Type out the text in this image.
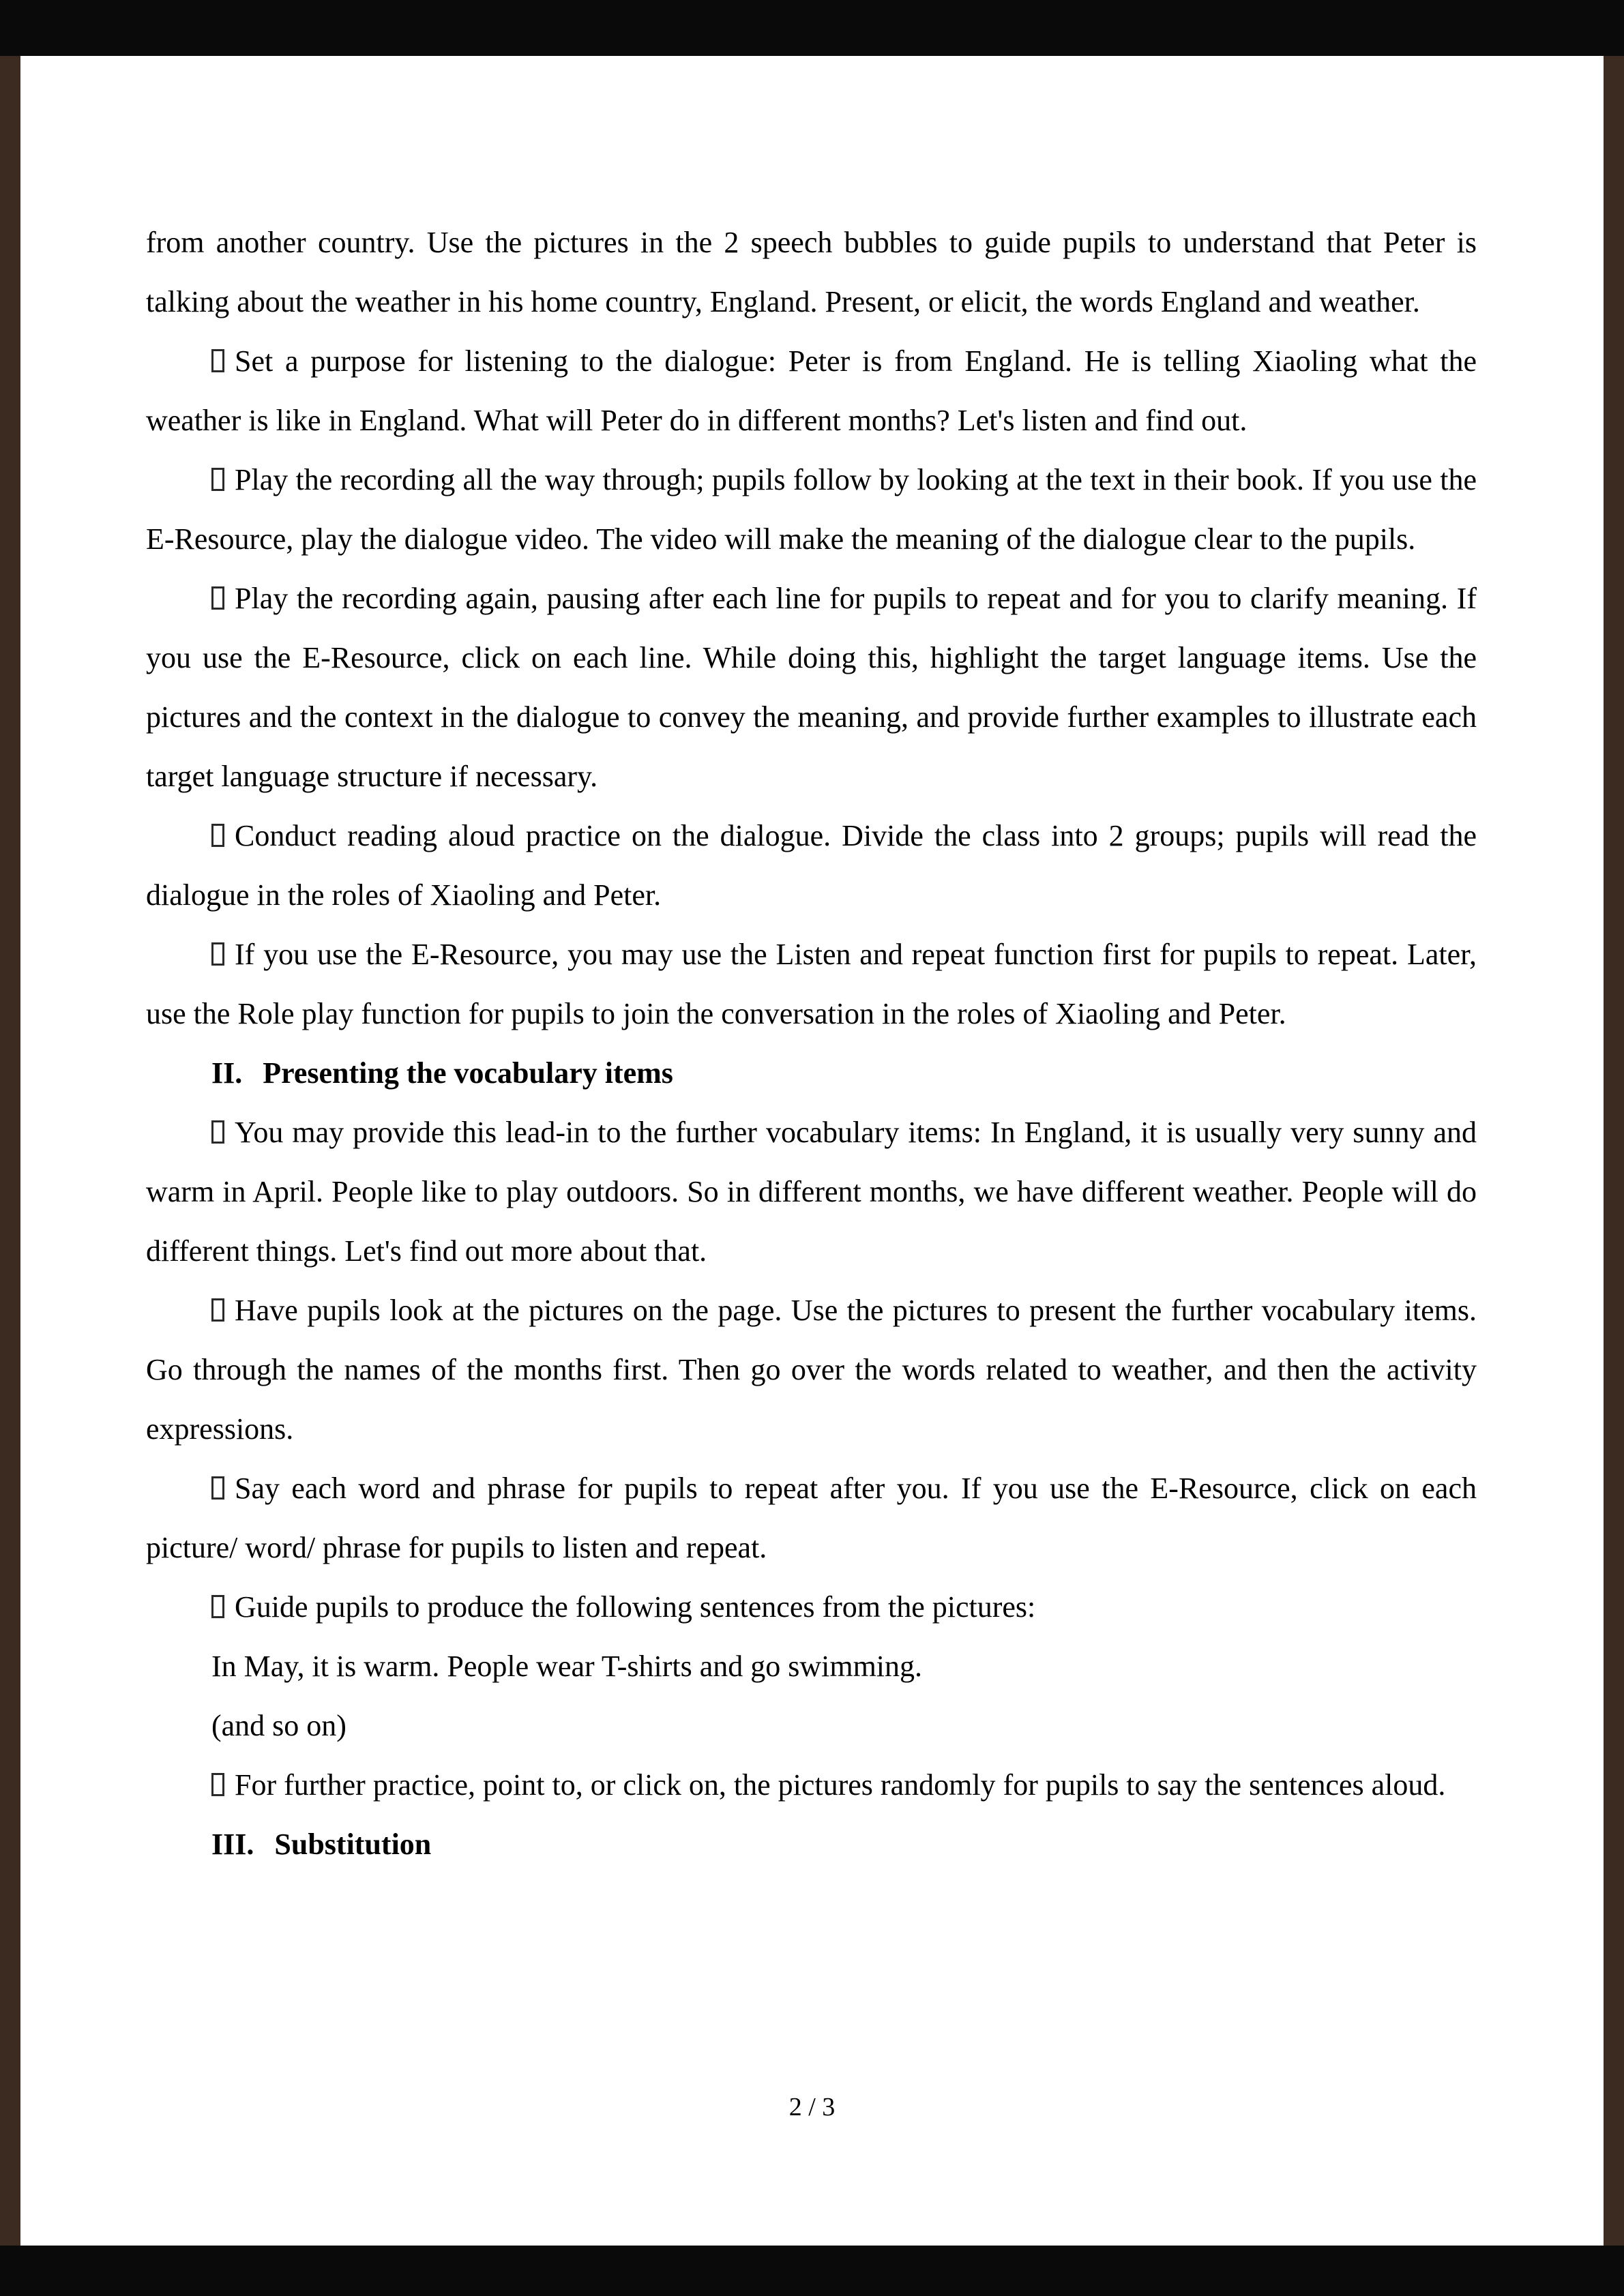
from another country. Use the pictures in the 2 speech bubbles to guide pupils to understand that Peter is talking about the weather in his home country, England. Present, or elicit, the words England and weather.

Set a purpose for listening to the dialogue: Peter is from England. He is telling Xiaoling what the weather is like in England. What will Peter do in different months? Let's listen and find out.

Play the recording all the way through; pupils follow by looking at the text in their book. If you use the E-Resource, play the dialogue video. The video will make the meaning of the dialogue clear to the pupils.

Play the recording again, pausing after each line for pupils to repeat and for you to clarify meaning. If you use the E-Resource, click on each line. While doing this, highlight the target language items. Use the pictures and the context in the dialogue to convey the meaning, and provide further examples to illustrate each target language structure if necessary.

Conduct reading aloud practice on the dialogue. Divide the class into 2 groups; pupils will read the dialogue in the roles of Xiaoling and Peter.

If you use the E-Resource, you may use the Listen and repeat function first for pupils to repeat. Later, use the Role play function for pupils to join the conversation in the roles of Xiaoling and Peter.

II. Presenting the vocabulary items

You may provide this lead-in to the further vocabulary items: In England, it is usually very sunny and warm in April. People like to play outdoors. So in different months, we have different weather. People will do different things. Let's find out more about that.

Have pupils look at the pictures on the page. Use the pictures to present the further vocabulary items. Go through the names of the months first. Then go over the words related to weather, and then the activity expressions.

Say each word and phrase for pupils to repeat after you. If you use the E-Resource, click on each picture/ word/ phrase for pupils to listen and repeat.

Guide pupils to produce the following sentences from the pictures:

In May, it is warm. People wear T-shirts and go swimming.

(and so on)

For further practice, point to, or click on, the pictures randomly for pupils to say the sentences aloud.

III. Substitution

2 / 3
